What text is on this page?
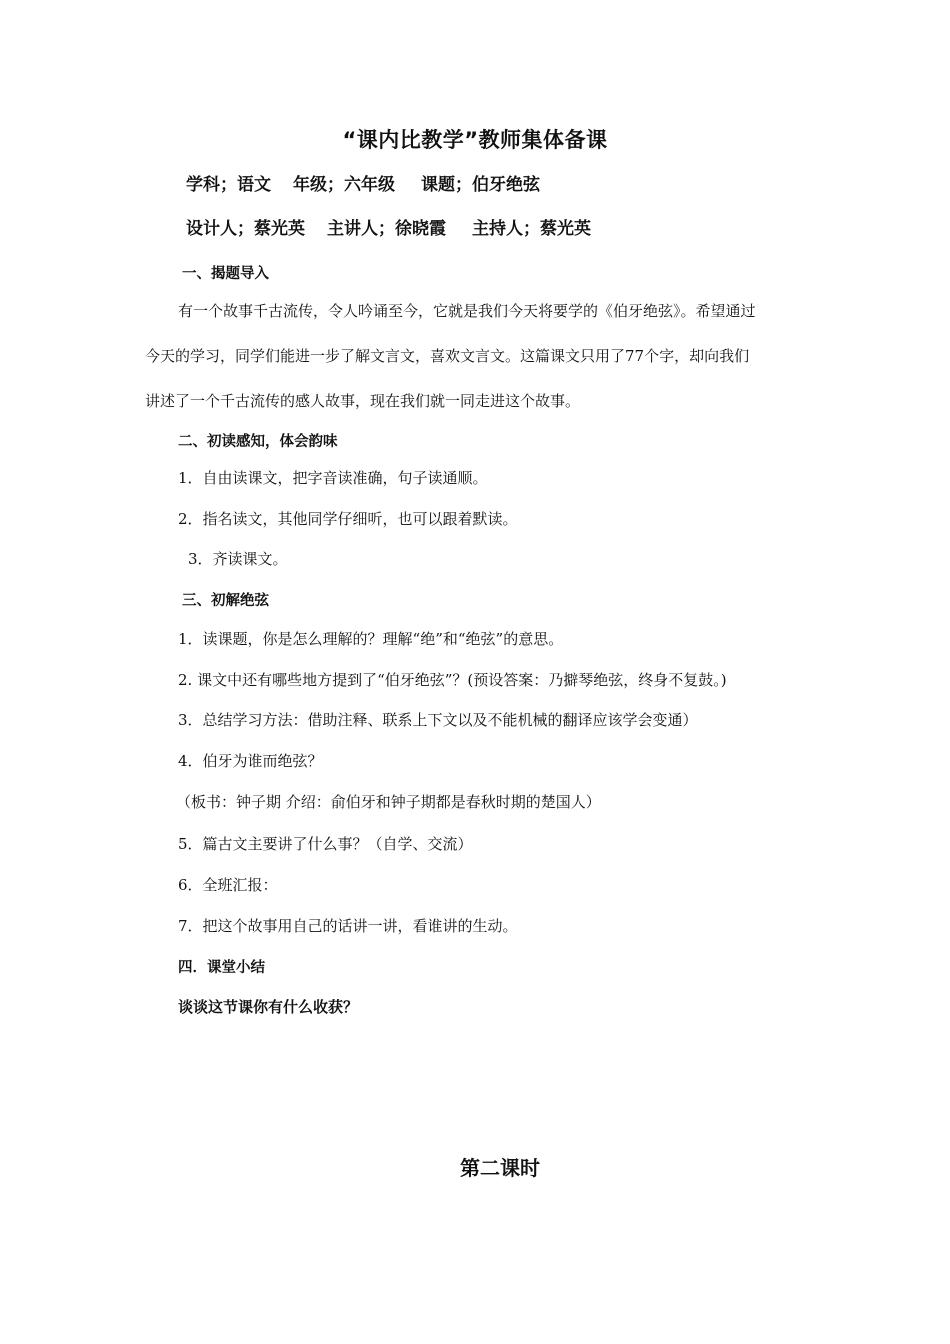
“课内比教学”教师集体备课
学科；语文 年级；六年级 课题；伯牙绝弦
设计人；蔡光英 主讲人；徐晓霞 主持人；蔡光英
一、揭题导入
有一个故事千古流传，令人吟诵至今，它就是我们今天将要学的《伯牙绝弦》。希望通过
今天的学习，同学们能进一步了解文言文，喜欢文言文。这篇课文只用了77个字，却向我们
讲述了一个千古流传的感人故事，现在我们就一同走进这个故事。
二、初读感知，体会韵味
1．自由读课文，把字音读准确，句子读通顺。
2．指名读文，其他同学仔细听，也可以跟着默读。
3．齐读课文。
三、初解绝弦
1．读课题，你是怎么理解的？理解“绝”和“绝弦”的意思。
2. 课文中还有哪些地方提到了“伯牙绝弦”？(预设答案：乃擗琴绝弦，终身不复鼓。)
3．总结学习方法：借助注释、联系上下文以及不能机械的翻译应该学会变通）
4．伯牙为谁而绝弦？
（板书：钟子期 介绍：俞伯牙和钟子期都是春秋时期的楚国人）
5．篇古文主要讲了什么事？（自学、交流）
6．全班汇报：
7．把这个故事用自己的话讲一讲，看谁讲的生动。
四．课堂小结
谈谈这节课你有什么收获？
第二课时
